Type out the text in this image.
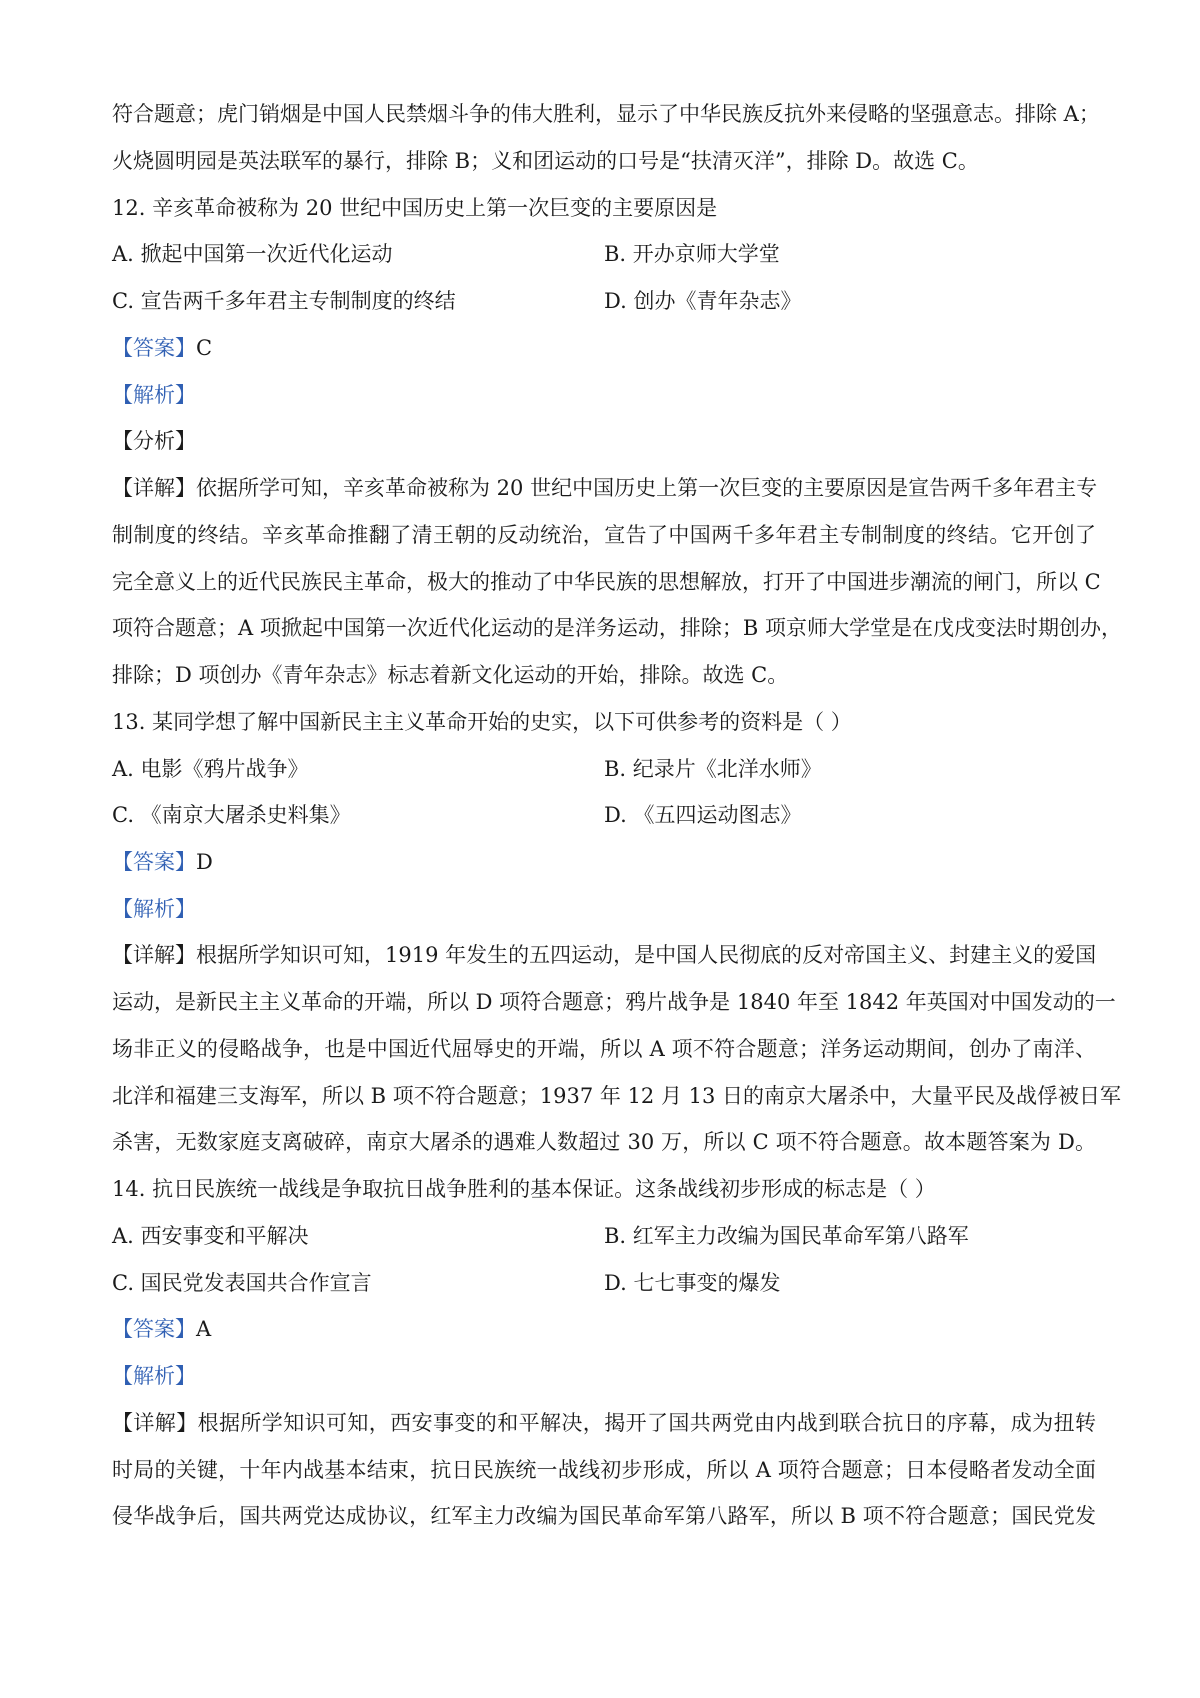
符合题意；虎门销烟是中国人民禁烟斗争的伟大胜利，显示了中华民族反抗外来侵略的坚强意志。排除 A；
火烧圆明园是英法联军的暴行，排除 B；义和团运动的口号是“扶清灭洋”，排除 D。故选 C。
12. 辛亥革命被称为 20 世纪中国历史上第一次巨变的主要原因是
A. 掀起中国第一次近代化运动	B. 开办京师大学堂
C. 宣告两千多年君主专制制度的终结	D. 创办《青年杂志》
【答案】C
【解析】
【分析】
【详解】依据所学可知，辛亥革命被称为 20 世纪中国历史上第一次巨变的主要原因是宣告两千多年君主专
制制度的终结。辛亥革命推翻了清王朝的反动统治，宣告了中国两千多年君主专制制度的终结。它开创了
完全意义上的近代民族民主革命，极大的推动了中华民族的思想解放，打开了中国进步潮流的闸门，所以 C
项符合题意；A 项掀起中国第一次近代化运动的是洋务运动，排除；B 项京师大学堂是在戊戌变法时期创办，
排除；D 项创办《青年杂志》标志着新文化运动的开始，排除。故选 C。
13. 某同学想了解中国新民主主义革命开始的史实，以下可供参考的资料是（ ）
A. 电影《鸦片战争》	B. 纪录片《北洋水师》
C. 《南京大屠杀史料集》	D. 《五四运动图志》
【答案】D
【解析】
【详解】根据所学知识可知，1919 年发生的五四运动，是中国人民彻底的反对帝国主义、封建主义的爱国
运动，是新民主主义革命的开端，所以 D 项符合题意；鸦片战争是 1840 年至 1842 年英国对中国发动的一
场非正义的侵略战争，也是中国近代屈辱史的开端，所以 A 项不符合题意；洋务运动期间，创办了南洋、
北洋和福建三支海军，所以 B 项不符合题意；1937 年 12 月 13 日的南京大屠杀中，大量平民及战俘被日军
杀害，无数家庭支离破碎，南京大屠杀的遇难人数超过 30 万，所以 C 项不符合题意。故本题答案为 D。
14. 抗日民族统一战线是争取抗日战争胜利的基本保证。这条战线初步形成的标志是（ ）
A. 西安事变和平解决	B. 红军主力改编为国民革命军第八路军
C. 国民党发表国共合作宣言	D. 七七事变的爆发
【答案】A
【解析】
【详解】根据所学知识可知，西安事变的和平解决，揭开了国共两党由内战到联合抗日的序幕，成为扭转
时局的关键，十年内战基本结束，抗日民族统一战线初步形成，所以 A 项符合题意；日本侵略者发动全面
侵华战争后，国共两党达成协议，红军主力改编为国民革命军第八路军，所以 B 项不符合题意；国民党发
